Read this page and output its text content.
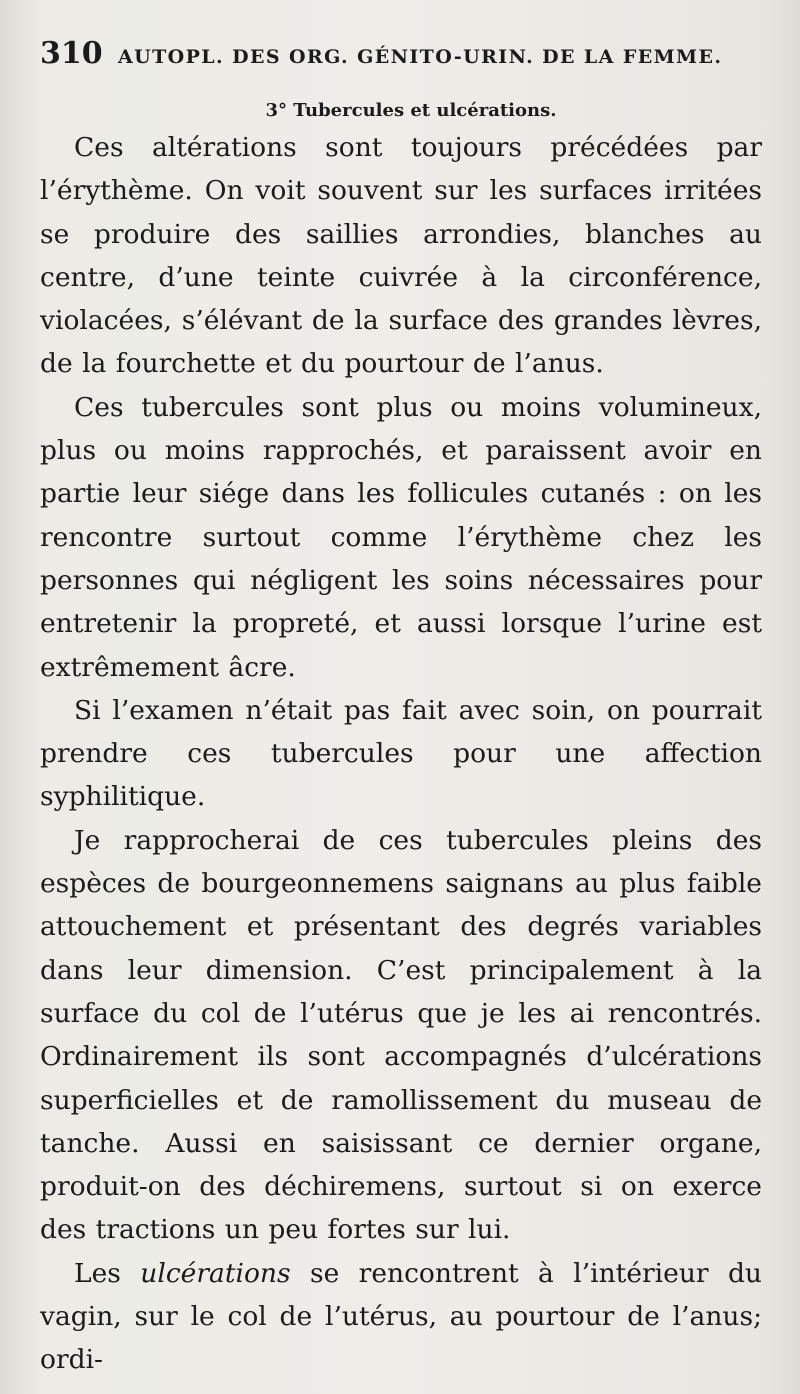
310 AUTOPL. DES ORG. GÉNITO-URIN. DE LA FEMME.
3° Tubercules et ulcérations.

Ces altérations sont toujours précédées par l’érythème. On voit souvent sur les surfaces irritées se produire des saillies arrondies, blanches au centre, d’une teinte cuivrée à la circonférence, violacées, s’élévant de la surface des grandes lèvres, de la fourchette et du pourtour de l’anus.

Ces tubercules sont plus ou moins volumineux, plus ou moins rapprochés, et paraissent avoir en partie leur siége dans les follicules cutanés : on les rencontre surtout comme l’érythème chez les personnes qui négligent les soins nécessaires pour entretenir la propreté, et aussi lorsque l’urine est extrêmement âcre.

Si l’examen n’était pas fait avec soin, on pourrait prendre ces tubercules pour une affection syphilitique.

Je rapprocherai de ces tubercules pleins des espèces de bourgeonnemens saignans au plus faible attouchement et présentant des degrés variables dans leur dimension. C’est principalement à la surface du col de l’utérus que je les ai rencontrés. Ordinairement ils sont accompagnés d’ulcérations superficielles et de ramollissement du museau de tanche. Aussi en saisissant ce dernier organe, produit-on des déchiremens, surtout si on exerce des tractions un peu fortes sur lui.

Les ulcérations se rencontrent à l’intérieur du vagin, sur le col de l’utérus, au pourtour de l’anus; ordi-
